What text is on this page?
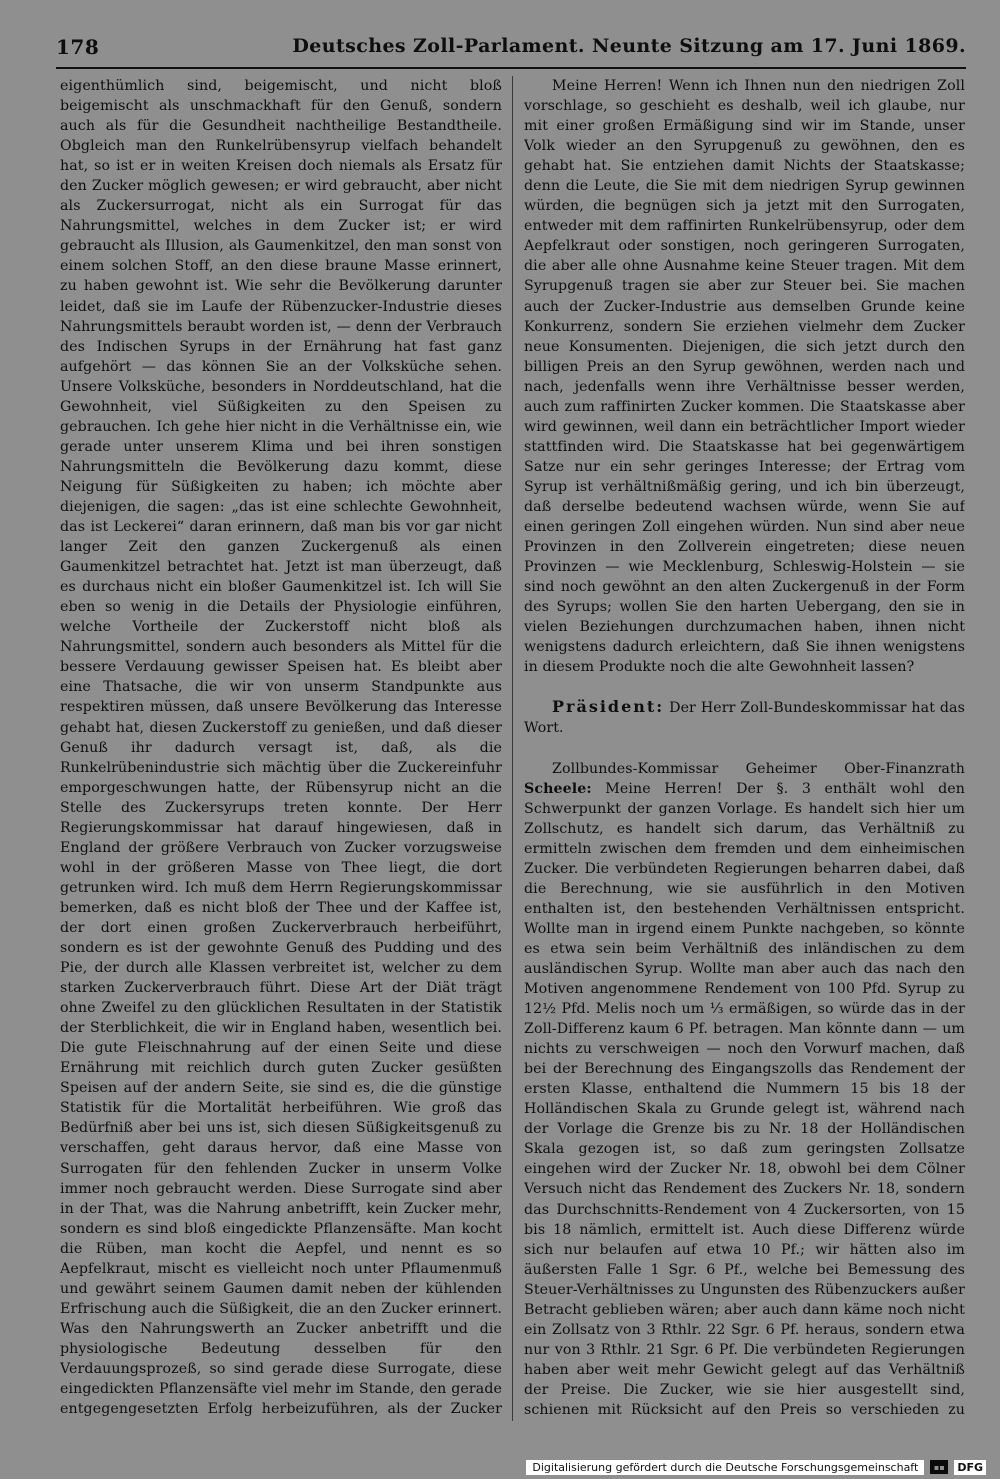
178	Deutsches Zoll-Parlament. Neunte Sitzung am 17. Juni 1869.

eigenthümlich sind, beigemischt, und nicht bloß beigemischt als unschmackhaft für den Genuß, sondern auch als für die Gesundheit nachtheilige Bestandtheile. Obgleich man den Runkelrübensyrup vielfach behandelt hat, so ist er in weiten Kreisen doch niemals als Ersatz für den Zucker möglich gewesen; er wird gebraucht, aber nicht als Zuckersurrogat, nicht als ein Surrogat für das Nahrungsmittel, welches in dem Zucker ist; er wird gebraucht als Illusion, als Gaumenkitzel, den man sonst von einem solchen Stoff, an den diese braune Masse erinnert, zu haben gewohnt ist. Wie sehr die Bevölkerung darunter leidet, daß sie im Laufe der Rübenzucker-Industrie dieses Nahrungsmittels beraubt worden ist, — denn der Verbrauch des Indischen Syrups in der Ernährung hat fast ganz aufgehört — das können Sie an der Volksküche sehen. Unsere Volksküche, besonders in Norddeutschland, hat die Gewohnheit, viel Süßigkeiten zu den Speisen zu gebrauchen. Ich gehe hier nicht in die Verhältnisse ein, wie gerade unter unserem Klima und bei ihren sonstigen Nahrungsmitteln die Bevölkerung dazu kommt, diese Neigung für Süßigkeiten zu haben; ich möchte aber diejenigen, die sagen: „das ist eine schlechte Gewohnheit, das ist Leckerei“ daran erinnern, daß man bis vor gar nicht langer Zeit den ganzen Zuckergenuß als einen Gaumenkitzel betrachtet hat. Jetzt ist man überzeugt, daß es durchaus nicht ein bloßer Gaumenkitzel ist. Ich will Sie eben so wenig in die Details der Physiologie einführen, welche Vortheile der Zuckerstoff nicht bloß als Nahrungsmittel, sondern auch besonders als Mittel für die bessere Verdauung gewisser Speisen hat. Es bleibt aber eine Thatsache, die wir von unserm Standpunkte aus respektiren müssen, daß unsere Bevölkerung das Interesse gehabt hat, diesen Zuckerstoff zu genießen, und daß dieser Genuß ihr dadurch versagt ist, daß, als die Runkelrübenindustrie sich mächtig über die Zuckereinfuhr emporgeschwungen hatte, der Rübensyrup nicht an die Stelle des Zuckersyrups treten konnte. Der Herr Regierungskommissar hat darauf hingewiesen, daß in England der größere Verbrauch von Zucker vorzugsweise wohl in der größeren Masse von Thee liegt, die dort getrunken wird. Ich muß dem Herrn Regierungskommissar bemerken, daß es nicht bloß der Thee und der Kaffee ist, der dort einen großen Zuckerverbrauch herbeiführt, sondern es ist der gewohnte Genuß des Pudding und des Pie, der durch alle Klassen verbreitet ist, welcher zu dem starken Zuckerverbrauch führt. Diese Art der Diät trägt ohne Zweifel zu den glücklichen Resultaten in der Statistik der Sterblichkeit, die wir in England haben, wesentlich bei. Die gute Fleischnahrung auf der einen Seite und diese Ernährung mit reichlich durch guten Zucker gesüßten Speisen auf der andern Seite, sie sind es, die die günstige Statistik für die Mortalität herbeiführen. Wie groß das Bedürfniß aber bei uns ist, sich diesen Süßigkeitsgenuß zu verschaffen, geht daraus hervor, daß eine Masse von Surrogaten für den fehlenden Zucker in unserm Volke immer noch gebraucht werden. Diese Surrogate sind aber in der That, was die Nahrung anbetrifft, kein Zucker mehr, sondern es sind bloß eingedickte Pflanzensäfte. Man kocht die Rüben, man kocht die Aepfel, und nennt es so Aepfelkraut, mischt es vielleicht noch unter Pflaumenmuß und gewährt seinem Gaumen damit neben der kühlenden Erfrischung auch die Süßigkeit, die an den Zucker erinnert. Was den Nahrungswerth an Zucker anbetrifft und die physiologische Bedeutung desselben für den Verdauungsprozeß, so sind gerade diese Surrogate, diese eingedickten Pflanzensäfte viel mehr im Stande, den gerade entgegengesetzten Erfolg herbeizuführen, als der Zucker

Meine Herren! Wenn ich Ihnen nun den niedrigen Zoll vorschlage, so geschieht es deshalb, weil ich glaube, nur mit einer großen Ermäßigung sind wir im Stande, unser Volk wieder an den Syrupgenuß zu gewöhnen, den es gehabt hat. Sie entziehen damit Nichts der Staatskasse; denn die Leute, die Sie mit dem niedrigen Syrup gewinnen würden, die begnügen sich ja jetzt mit den Surrogaten, entweder mit dem raffinirten Runkelrübensyrup, oder dem Aepfelkraut oder sonstigen, noch geringeren Surrogaten, die aber alle ohne Ausnahme keine Steuer tragen. Mit dem Syrupgenuß tragen sie aber zur Steuer bei. Sie machen auch der Zucker-Industrie aus demselben Grunde keine Konkurrenz, sondern Sie erziehen vielmehr dem Zucker neue Konsumenten. Diejenigen, die sich jetzt durch den billigen Preis an den Syrup gewöhnen, werden nach und nach, jedenfalls wenn ihre Verhältnisse besser werden, auch zum raffinirten Zucker kommen. Die Staatskasse aber wird gewinnen, weil dann ein beträchtlicher Import wieder stattfinden wird. Die Staatskasse hat bei gegenwärtigem Satze nur ein sehr geringes Interesse; der Ertrag vom Syrup ist verhältnißmäßig gering, und ich bin überzeugt, daß derselbe bedeutend wachsen würde, wenn Sie auf einen geringen Zoll eingehen würden. Nun sind aber neue Provinzen in den Zollverein eingetreten; diese neuen Provinzen — wie Mecklenburg, Schleswig-Holstein — sie sind noch gewöhnt an den alten Zuckergenuß in der Form des Syrups; wollen Sie den harten Uebergang, den sie in vielen Beziehungen durchzumachen haben, ihnen nicht wenigstens dadurch erleichtern, daß Sie ihnen wenigstens in diesem Produkte noch die alte Gewohnheit lassen?

Präsident: Der Herr Zoll-Bundeskommissar hat das Wort.

Zollbundes-Kommissar Geheimer Ober-Finanzrath Scheele: Meine Herren! Der §. 3 enthält wohl den Schwerpunkt der ganzen Vorlage. Es handelt sich hier um Zollschutz, es handelt sich darum, das Verhältniß zu ermitteln zwischen dem fremden und dem einheimischen Zucker. Die verbündeten Regierungen beharren dabei, daß die Berechnung, wie sie ausführlich in den Motiven enthalten ist, den bestehenden Verhältnissen entspricht. Wollte man in irgend einem Punkte nachgeben, so könnte es etwa sein beim Verhältniß des inländischen zu dem ausländischen Syrup. Wollte man aber auch das nach den Motiven angenommene Rendement von 100 Pfd. Syrup zu 12½ Pfd. Melis noch um ⅓ ermäßigen, so würde das in der Zoll-Differenz kaum 6 Pf. betragen. Man könnte dann — um nichts zu verschweigen — noch den Vorwurf machen, daß bei der Berechnung des Eingangszolls das Rendement der ersten Klasse, enthaltend die Nummern 15 bis 18 der Holländischen Skala zu Grunde gelegt ist, während nach der Vorlage die Grenze bis zu Nr. 18 der Holländischen Skala gezogen ist, so daß zum geringsten Zollsatze eingehen wird der Zucker Nr. 18, obwohl bei dem Cölner Versuch nicht das Rendement des Zuckers Nr. 18, sondern das Durchschnitts-Rendement von 4 Zuckersorten, von 15 bis 18 nämlich, ermittelt ist. Auch diese Differenz würde sich nur belaufen auf etwa 10 Pf.; wir hätten also im äußersten Falle 1 Sgr. 6 Pf., welche bei Bemessung des Steuer-Verhältnisses zu Ungunsten des Rübenzuckers außer Betracht geblieben wären; aber auch dann käme noch nicht ein Zollsatz von 3 Rthlr. 22 Sgr. 6 Pf. heraus, sondern etwa nur von 3 Rthlr. 21 Sgr. 6 Pf. Die verbündeten Regierungen haben aber weit mehr Gewicht gelegt auf das Verhältniß der Preise. Die Zucker, wie sie hier ausgestellt sind, schienen mit Rücksicht auf den Preis so verschieden zu

Digitalisierung gefördert durch die Deutsche Forschungsgemeinschaft	▪▪	DFG
